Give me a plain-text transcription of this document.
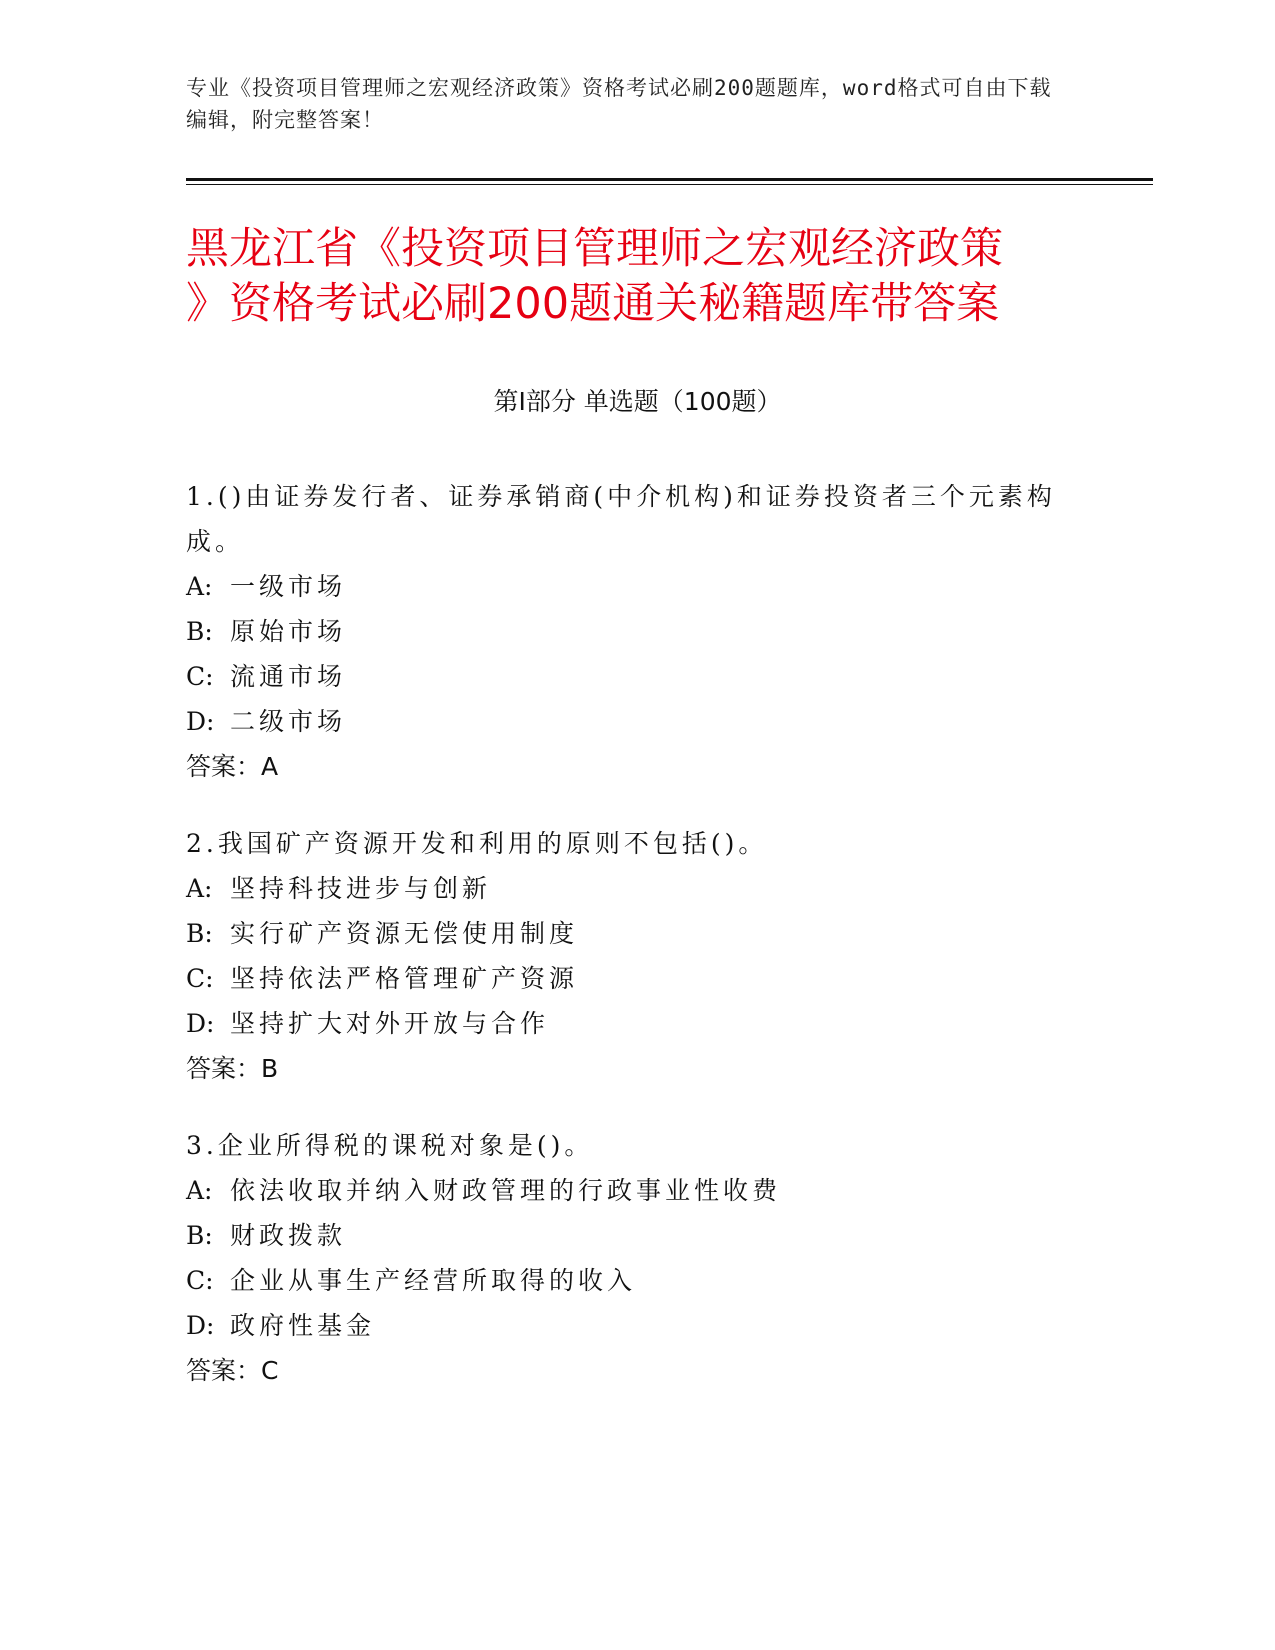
专业《投资项目管理师之宏观经济政策》资格考试必刷200题题库，word格式可自由下载编辑，附完整答案！
黑龙江省《投资项目管理师之宏观经济政策
》资格考试必刷200题通关秘籍题库带答案
第Ⅰ部分 单选题（100题）
1.()由证券发行者、证券承销商(中介机构)和证券投资者三个元素构成。
A: 一级市场
B: 原始市场
C: 流通市场
D: 二级市场
答案：A
2.我国矿产资源开发和利用的原则不包括()。
A: 坚持科技进步与创新
B: 实行矿产资源无偿使用制度
C: 坚持依法严格管理矿产资源
D: 坚持扩大对外开放与合作
答案：B
3.企业所得税的课税对象是()。
A: 依法收取并纳入财政管理的行政事业性收费
B: 财政拨款
C: 企业从事生产经营所取得的收入
D: 政府性基金
答案：C
